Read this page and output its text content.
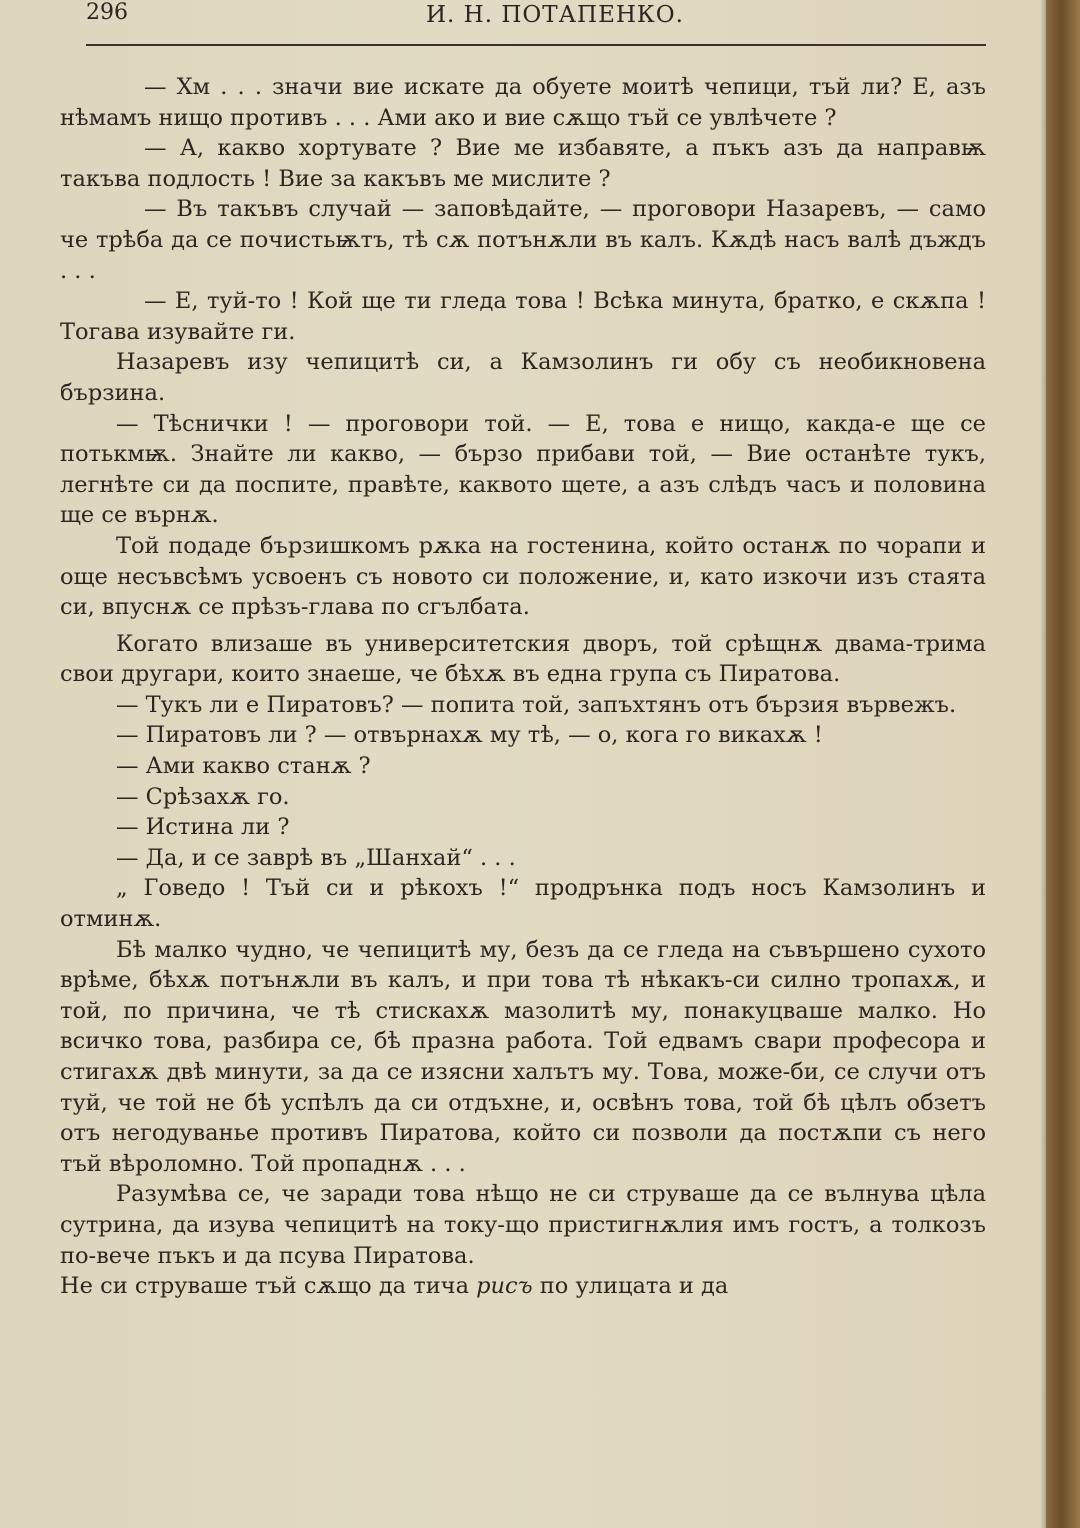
296	И. Н. ПОТАПЕНКО.

— Хм . . . значи вие искате да обуете моитѣ чепици, тъй ли? Е, азъ нѣмамъ нищо противъ . . . Ами ако и вие сѫщо тъй се увлѣчете ?

— А, какво хортувате ? Вие ме избавяте, а пъкъ азъ да направѭ такъва подлость ! Вие за какъвъ ме мислите ?

— Въ такъвъ случай — заповѣдайте, — проговори Назаревъ, — само че трѣба да се почистьѭтъ, тѣ сѫ потънѫли въ калъ. Кѫдѣ насъ валѣ дъждъ . . .

— Е, туй-то ! Кой ще ти гледа това ! Всѣка минута, братко, е скѫпа ! Тогава изувайте ги.

Назаревъ изу чепицитѣ си, а Камзолинъ ги обу съ необикновена бързина.

— Тѣснички ! — проговори той. — Е, това е нищо, какда-е ще се потькмѭ. Знайте ли какво, — бързо прибави той, — Вие останѣте тукъ, легнѣте си да поспите, правѣте, каквото щете, а азъ слѣдъ часъ и половина ще се върнѫ.

Той подаде бързишкомъ рѫка на гостенина, който останѫ по чорапи и още несъвсѣмъ усвоенъ съ новото си положение, и, като изкочи изъ стаята си, впуснѫ се прѣзъ-глава по сгълбата.

Когато влизаше въ университетския дворъ, той срѣщнѫ двама-трима свои другари, които знаеше, че бѣхѫ въ една група съ Пиратова.

— Тукъ ли е Пиратовъ? — попита той, запъхтянъ отъ бързия вървежъ.

— Пиратовъ ли ? — отвърнахѫ му тѣ, — о, кога го викахѫ !

— Ами какво станѫ ?

— Срѣзахѫ го.

— Истина ли ?

— Да, и се заврѣ въ „Шанхай“ . . .

„ Говедо ! Тъй си и рѣкохъ !“ продрънка подъ носъ Камзолинъ и отминѫ.

Бѣ малко чудно, че чепицитѣ му, безъ да се гледа на съвършено сухото врѣме, бѣхѫ потънѫли въ калъ, и при това тѣ нѣкакъ-си силно тропахѫ, и той, по причина, че тѣ стискахѫ мазолитѣ му, понакуцваше малко. Но всичко това, разбира се, бѣ празна работа. Той едвамъ свари професора и стигахѫ двѣ минути, за да се изясни халътъ му. Това, може-би, се случи отъ туй, че той не бѣ успѣлъ да си отдъхне, и, освѣнъ това, той бѣ цѣлъ обзетъ отъ негодуванье противъ Пиратова, който си позволи да постѫпи съ него тъй вѣроломно. Той пропаднѫ . . .

Разумѣва се, че заради това нѣщо не си струваше да се вълнува цѣла сутрина, да изува чепицитѣ на току-що пристигнѫлия имъ гостъ, а толкозъ по-вече пъкъ и да псува Пиратова.

Не си струваше тъй сѫщо да тича рисъ по улицата и да
